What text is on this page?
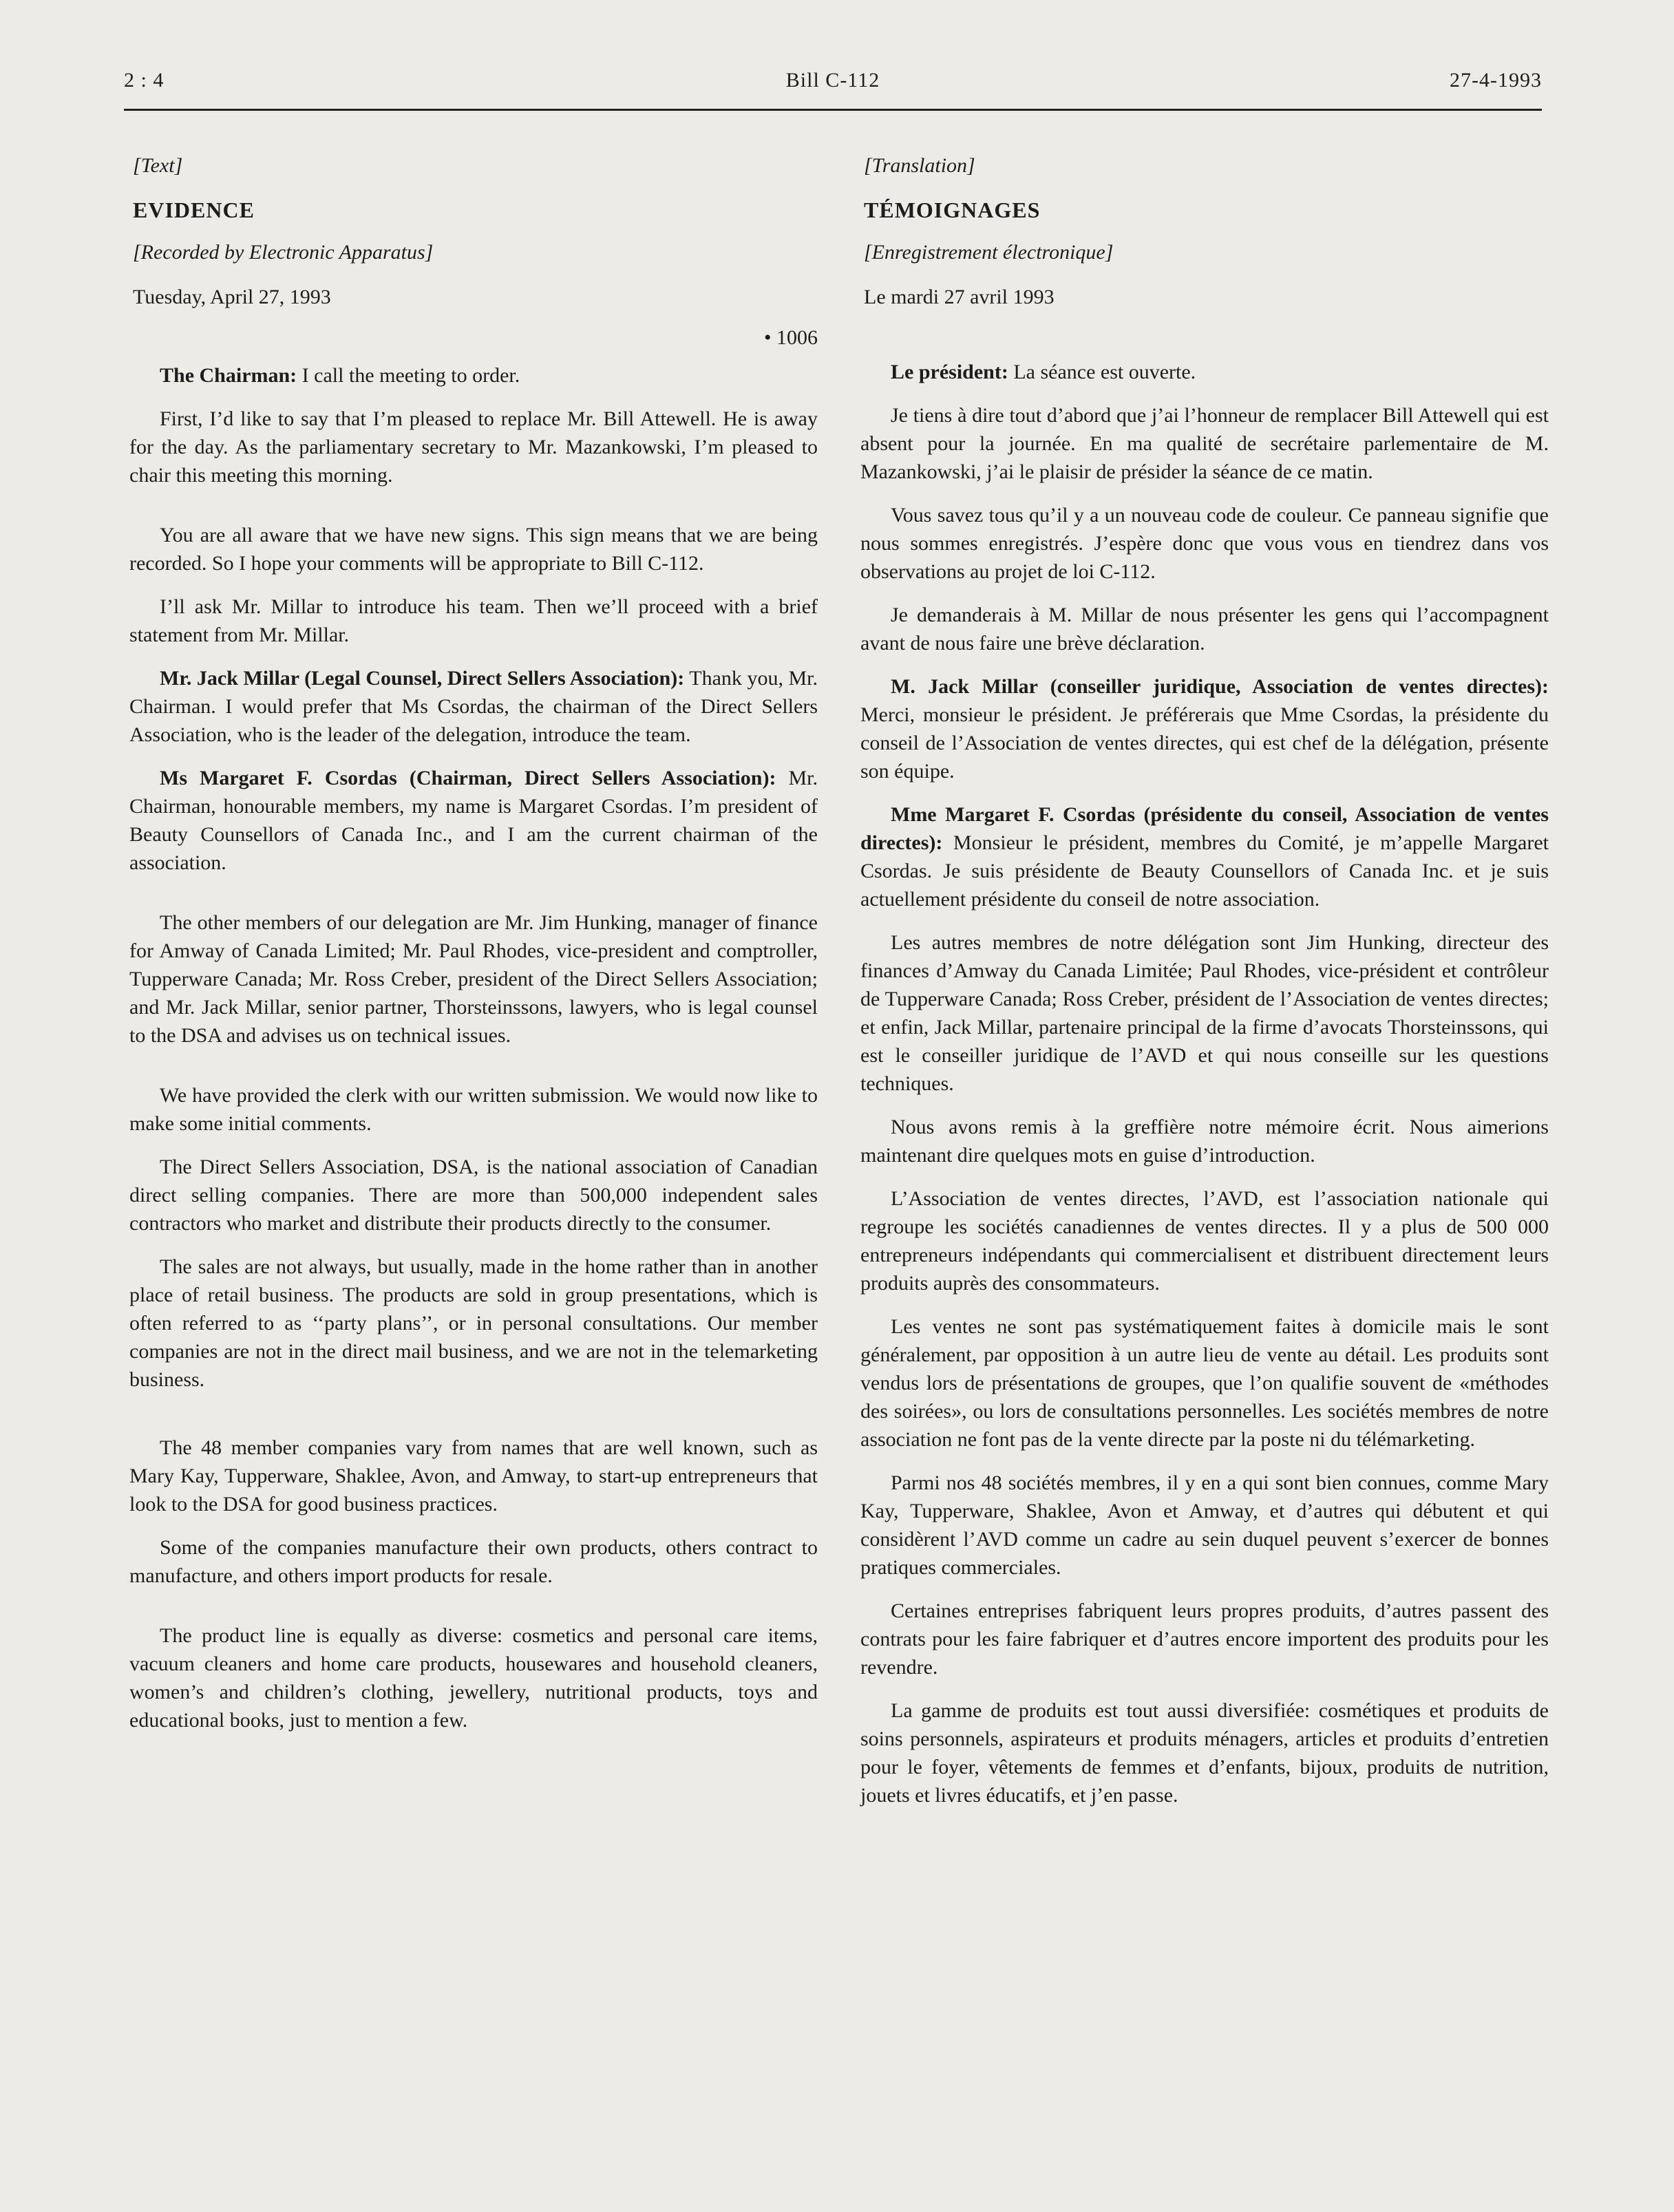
2 : 4	Bill C-112	27-4-1993
[Text]
EVIDENCE
[Recorded by Electronic Apparatus]
Tuesday, April 27, 1993
• 1006

The Chairman: I call the meeting to order.

First, I’d like to say that I’m pleased to replace Mr. Bill Attewell. He is away for the day. As the parliamentary secretary to Mr. Mazankowski, I’m pleased to chair this meeting this morning.

You are all aware that we have new signs. This sign means that we are being recorded. So I hope your comments will be appropriate to Bill C-112.

I’ll ask Mr. Millar to introduce his team. Then we’ll proceed with a brief statement from Mr. Millar.

Mr. Jack Millar (Legal Counsel, Direct Sellers Association): Thank you, Mr. Chairman. I would prefer that Ms Csordas, the chairman of the Direct Sellers Association, who is the leader of the delegation, introduce the team.

Ms Margaret F. Csordas (Chairman, Direct Sellers Association): Mr. Chairman, honourable members, my name is Margaret Csordas. I’m president of Beauty Counsellors of Canada Inc., and I am the current chairman of the association.

The other members of our delegation are Mr. Jim Hunking, manager of finance for Amway of Canada Limited; Mr. Paul Rhodes, vice-president and comptroller, Tupperware Canada; Mr. Ross Creber, president of the Direct Sellers Association; and Mr. Jack Millar, senior partner, Thorsteinssons, lawyers, who is legal counsel to the DSA and advises us on technical issues.

We have provided the clerk with our written submission. We would now like to make some initial comments.

The Direct Sellers Association, DSA, is the national association of Canadian direct selling companies. There are more than 500,000 independent sales contractors who market and distribute their products directly to the consumer.

The sales are not always, but usually, made in the home rather than in another place of retail business. The products are sold in group presentations, which is often referred to as ‘‘party plans’’, or in personal consultations. Our member companies are not in the direct mail business, and we are not in the telemarketing business.

The 48 member companies vary from names that are well known, such as Mary Kay, Tupperware, Shaklee, Avon, and Amway, to start-up entrepreneurs that look to the DSA for good business practices.

Some of the companies manufacture their own products, others contract to manufacture, and others import products for resale.

The product line is equally as diverse: cosmetics and personal care items, vacuum cleaners and home care products, housewares and household cleaners, women’s and children’s clothing, jewellery, nutritional products, toys and educational books, just to mention a few.

[Translation]
TÉMOIGNAGES
[Enregistrement électronique]
Le mardi 27 avril 1993

Le président: La séance est ouverte.

Je tiens à dire tout d’abord que j’ai l’honneur de remplacer Bill Attewell qui est absent pour la journée. En ma qualité de secrétaire parlementaire de M. Mazankowski, j’ai le plaisir de présider la séance de ce matin.

Vous savez tous qu’il y a un nouveau code de couleur. Ce panneau signifie que nous sommes enregistrés. J’espère donc que vous vous en tiendrez dans vos observations au projet de loi C-112.

Je demanderais à M. Millar de nous présenter les gens qui l’accompagnent avant de nous faire une brève déclaration.

M. Jack Millar (conseiller juridique, Association de ventes directes): Merci, monsieur le président. Je préférerais que Mme Csordas, la présidente du conseil de l’Association de ventes directes, qui est chef de la délégation, présente son équipe.

Mme Margaret F. Csordas (présidente du conseil, Association de ventes directes): Monsieur le président, membres du Comité, je m’appelle Margaret Csordas. Je suis présidente de Beauty Counsellors of Canada Inc. et je suis actuellement présidente du conseil de notre association.

Les autres membres de notre délégation sont Jim Hunking, directeur des finances d’Amway du Canada Limitée; Paul Rhodes, vice-président et contrôleur de Tupperware Canada; Ross Creber, président de l’Association de ventes directes; et enfin, Jack Millar, partenaire principal de la firme d’avocats Thorsteinssons, qui est le conseiller juridique de l’AVD et qui nous conseille sur les questions techniques.

Nous avons remis à la greffière notre mémoire écrit. Nous aimerions maintenant dire quelques mots en guise d’introduction.

L’Association de ventes directes, l’AVD, est l’association nationale qui regroupe les sociétés canadiennes de ventes directes. Il y a plus de 500 000 entrepreneurs indépendants qui commercialisent et distribuent directement leurs produits auprès des consommateurs.

Les ventes ne sont pas systématiquement faites à domicile mais le sont généralement, par opposition à un autre lieu de vente au détail. Les produits sont vendus lors de présentations de groupes, que l’on qualifie souvent de «méthodes des soirées», ou lors de consultations personnelles. Les sociétés membres de notre association ne font pas de la vente directe par la poste ni du télémarketing.

Parmi nos 48 sociétés membres, il y en a qui sont bien connues, comme Mary Kay, Tupperware, Shaklee, Avon et Amway, et d’autres qui débutent et qui considèrent l’AVD comme un cadre au sein duquel peuvent s’exercer de bonnes pratiques commerciales.

Certaines entreprises fabriquent leurs propres produits, d’autres passent des contrats pour les faire fabriquer et d’autres encore importent des produits pour les revendre.

La gamme de produits est tout aussi diversifiée: cosmétiques et produits de soins personnels, aspirateurs et produits ménagers, articles et produits d’entretien pour le foyer, vêtements de femmes et d’enfants, bijoux, produits de nutrition, jouets et livres éducatifs, et j’en passe.
